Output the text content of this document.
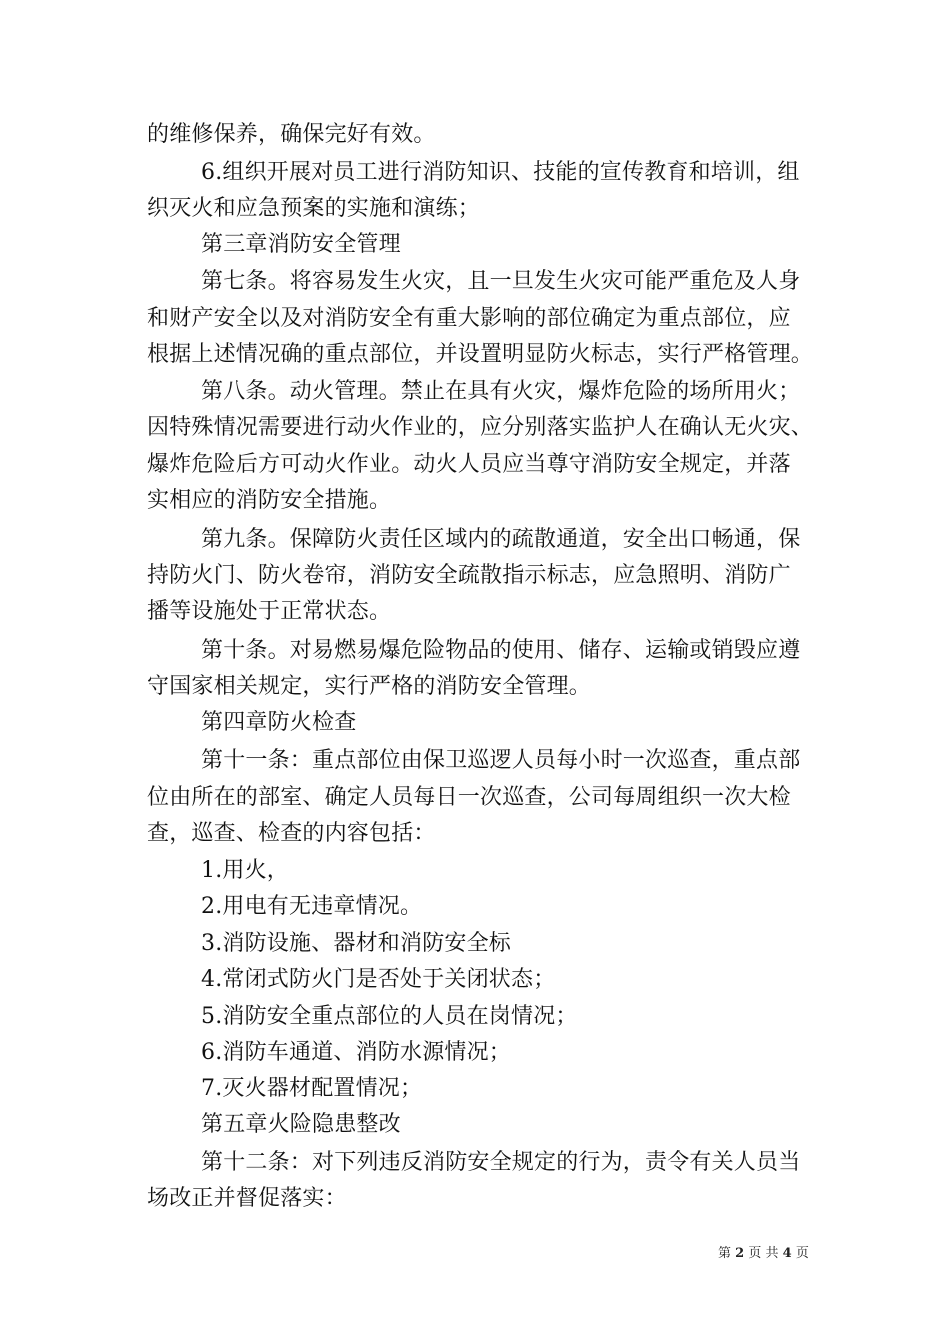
的维修保养，确保完好有效。
6.组织开展对员工进行消防知识、技能的宣传教育和培训，组
织灭火和应急预案的实施和演练；
第三章消防安全管理
第七条。将容易发生火灾，且一旦发生火灾可能严重危及人身
和财产安全以及对消防安全有重大影响的部位确定为重点部位，应
根据上述情况确的重点部位，并设置明显防火标志，实行严格管理。
第八条。动火管理。禁止在具有火灾，爆炸危险的场所用火；
因特殊情况需要进行动火作业的，应分别落实监护人在确认无火灾、
爆炸危险后方可动火作业。动火人员应当尊守消防安全规定，并落
实相应的消防安全措施。
第九条。保障防火责任区域内的疏散通道，安全出口畅通，保
持防火门、防火卷帘，消防安全疏散指示标志，应急照明、消防广
播等设施处于正常状态。
第十条。对易燃易爆危险物品的使用、储存、运输或销毁应遵
守国家相关规定，实行严格的消防安全管理。
第四章防火检查
第十一条：重点部位由保卫巡逻人员每小时一次巡查，重点部
位由所在的部室、确定人员每日一次巡查，公司每周组织一次大检
查，巡查、检查的内容包括：
1.用火，
2.用电有无违章情况。
3.消防设施、器材和消防安全标
4.常闭式防火门是否处于关闭状态；
5.消防安全重点部位的人员在岗情况；
6.消防车通道、消防水源情况；
7.灭火器材配置情况；
第五章火险隐患整改
第十二条：对下列违反消防安全规定的行为，责令有关人员当
场改正并督促落实：
第 2 页 共 4 页
